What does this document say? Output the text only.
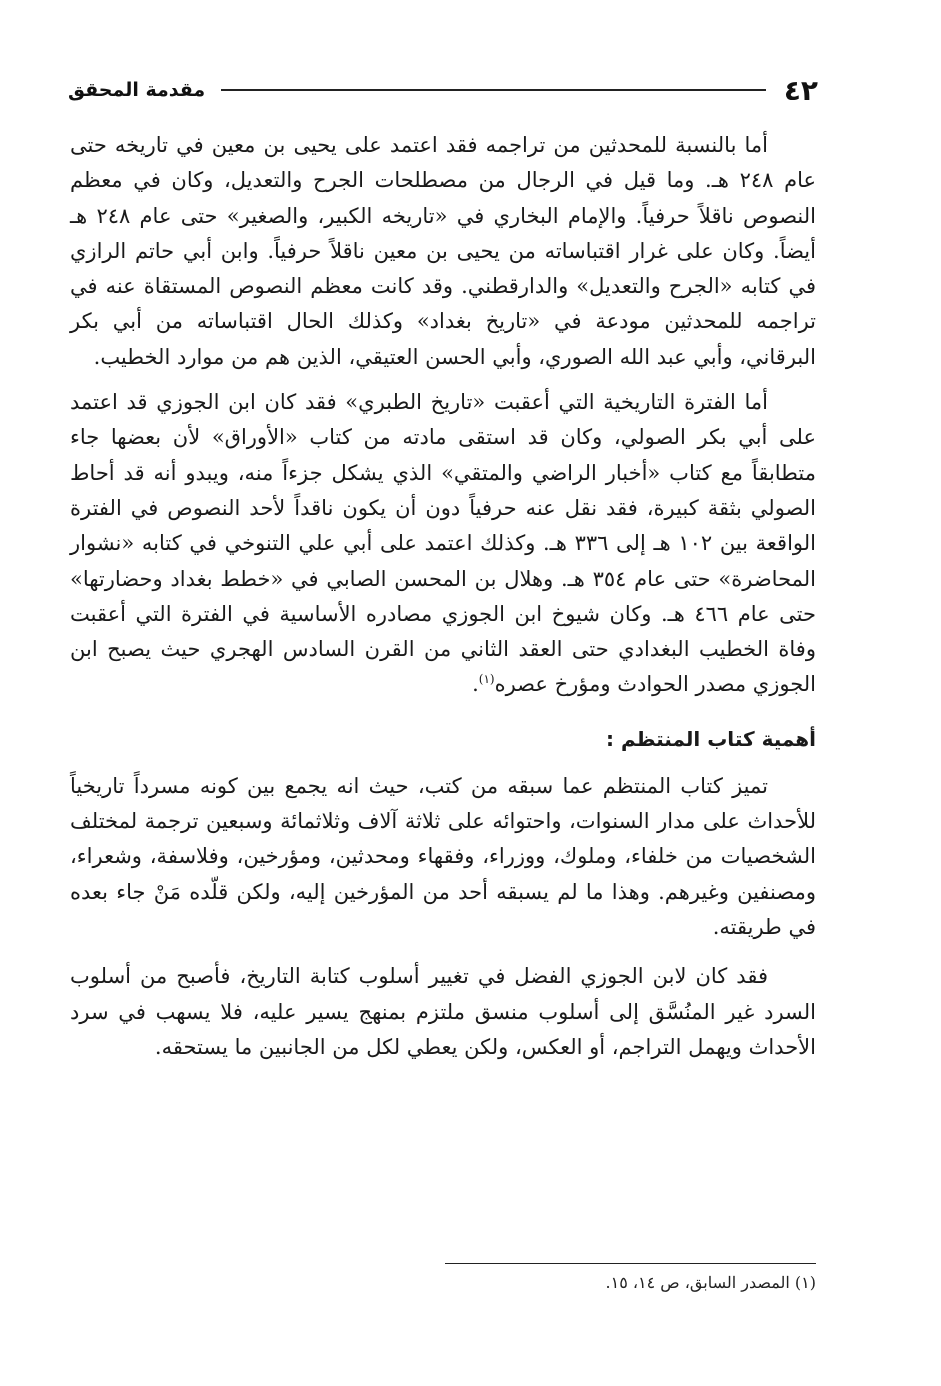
٤٢
مقدمة المحقق

أما بالنسبة للمحدثين من تراجمه فقد اعتمد على يحيى بن معين في تاريخه حتى عام ٢٤٨ هـ. وما قيل في الرجال من مصطلحات الجرح والتعديل، وكان في معظم النصوص ناقلاً حرفياً. والإمام البخاري في «تاريخه الكبير، والصغير» حتى عام ٢٤٨ هـ أيضاً. وكان على غرار اقتباساته من يحيى بن معين ناقلاً حرفياً. وابن أبي حاتم الرازي في كتابه «الجرح والتعديل» والدارقطني. وقد كانت معظم النصوص المستقاة عنه في تراجمه للمحدثين مودعة في «تاريخ بغداد» وكذلك الحال اقتباساته من أبي بكر البرقاني، وأبي عبد الله الصوري، وأبي الحسن العتيقي، الذين هم من موارد الخطيب.

أما الفترة التاريخية التي أعقبت «تاريخ الطبري» فقد كان ابن الجوزي قد اعتمد على أبي بكر الصولي، وكان قد استقى مادته من كتاب «الأوراق» لأن بعضها جاء متطابقاً مع كتاب «أخبار الراضي والمتقي» الذي يشكل جزءاً منه، ويبدو أنه قد أحاط الصولي بثقة كبيرة، فقد نقل عنه حرفياً دون أن يكون ناقداً لأحد النصوص في الفترة الواقعة بين ١٠٢ هـ إلى ٣٣٦ هـ. وكذلك اعتمد على أبي علي التنوخي في كتابه «نشوار المحاضرة» حتى عام ٣٥٤ هـ. وهلال بن المحسن الصابي في «خطط بغداد وحضارتها» حتى عام ٤٦٦ هـ. وكان شيوخ ابن الجوزي مصادره الأساسية في الفترة التي أعقبت وفاة الخطيب البغدادي حتى العقد الثاني من القرن السادس الهجري حيث يصبح ابن الجوزي مصدر الحوادث ومؤرخ عصره$^{(١)}$.

أهمية كتاب المنتظم :

تميز كتاب المنتظم عما سبقه من كتب، حيث انه يجمع بين كونه مسرداً تاريخياً للأحداث على مدار السنوات، واحتوائه على ثلاثة آلاف وثلاثمائة وسبعين ترجمة لمختلف الشخصيات من خلفاء، وملوك، ووزراء، وفقهاء ومحدثين، ومؤرخين، وفلاسفة، وشعراء، ومصنفين وغيرهم. وهذا ما لم يسبقه أحد من المؤرخين إليه، ولكن قلّده مَنْ جاء بعده في طريقته.

فقد كان لابن الجوزي الفضل في تغيير أسلوب كتابة التاريخ، فأصبح من أسلوب السرد غير المنُسَّق إلى أسلوب منسق ملتزم بمنهج يسير عليه، فلا يسهب في سرد الأحداث ويهمل التراجم، أو العكس، ولكن يعطي لكل من الجانبين ما يستحقه.

(١) المصدر السابق، ص ١٤، ١٥.
